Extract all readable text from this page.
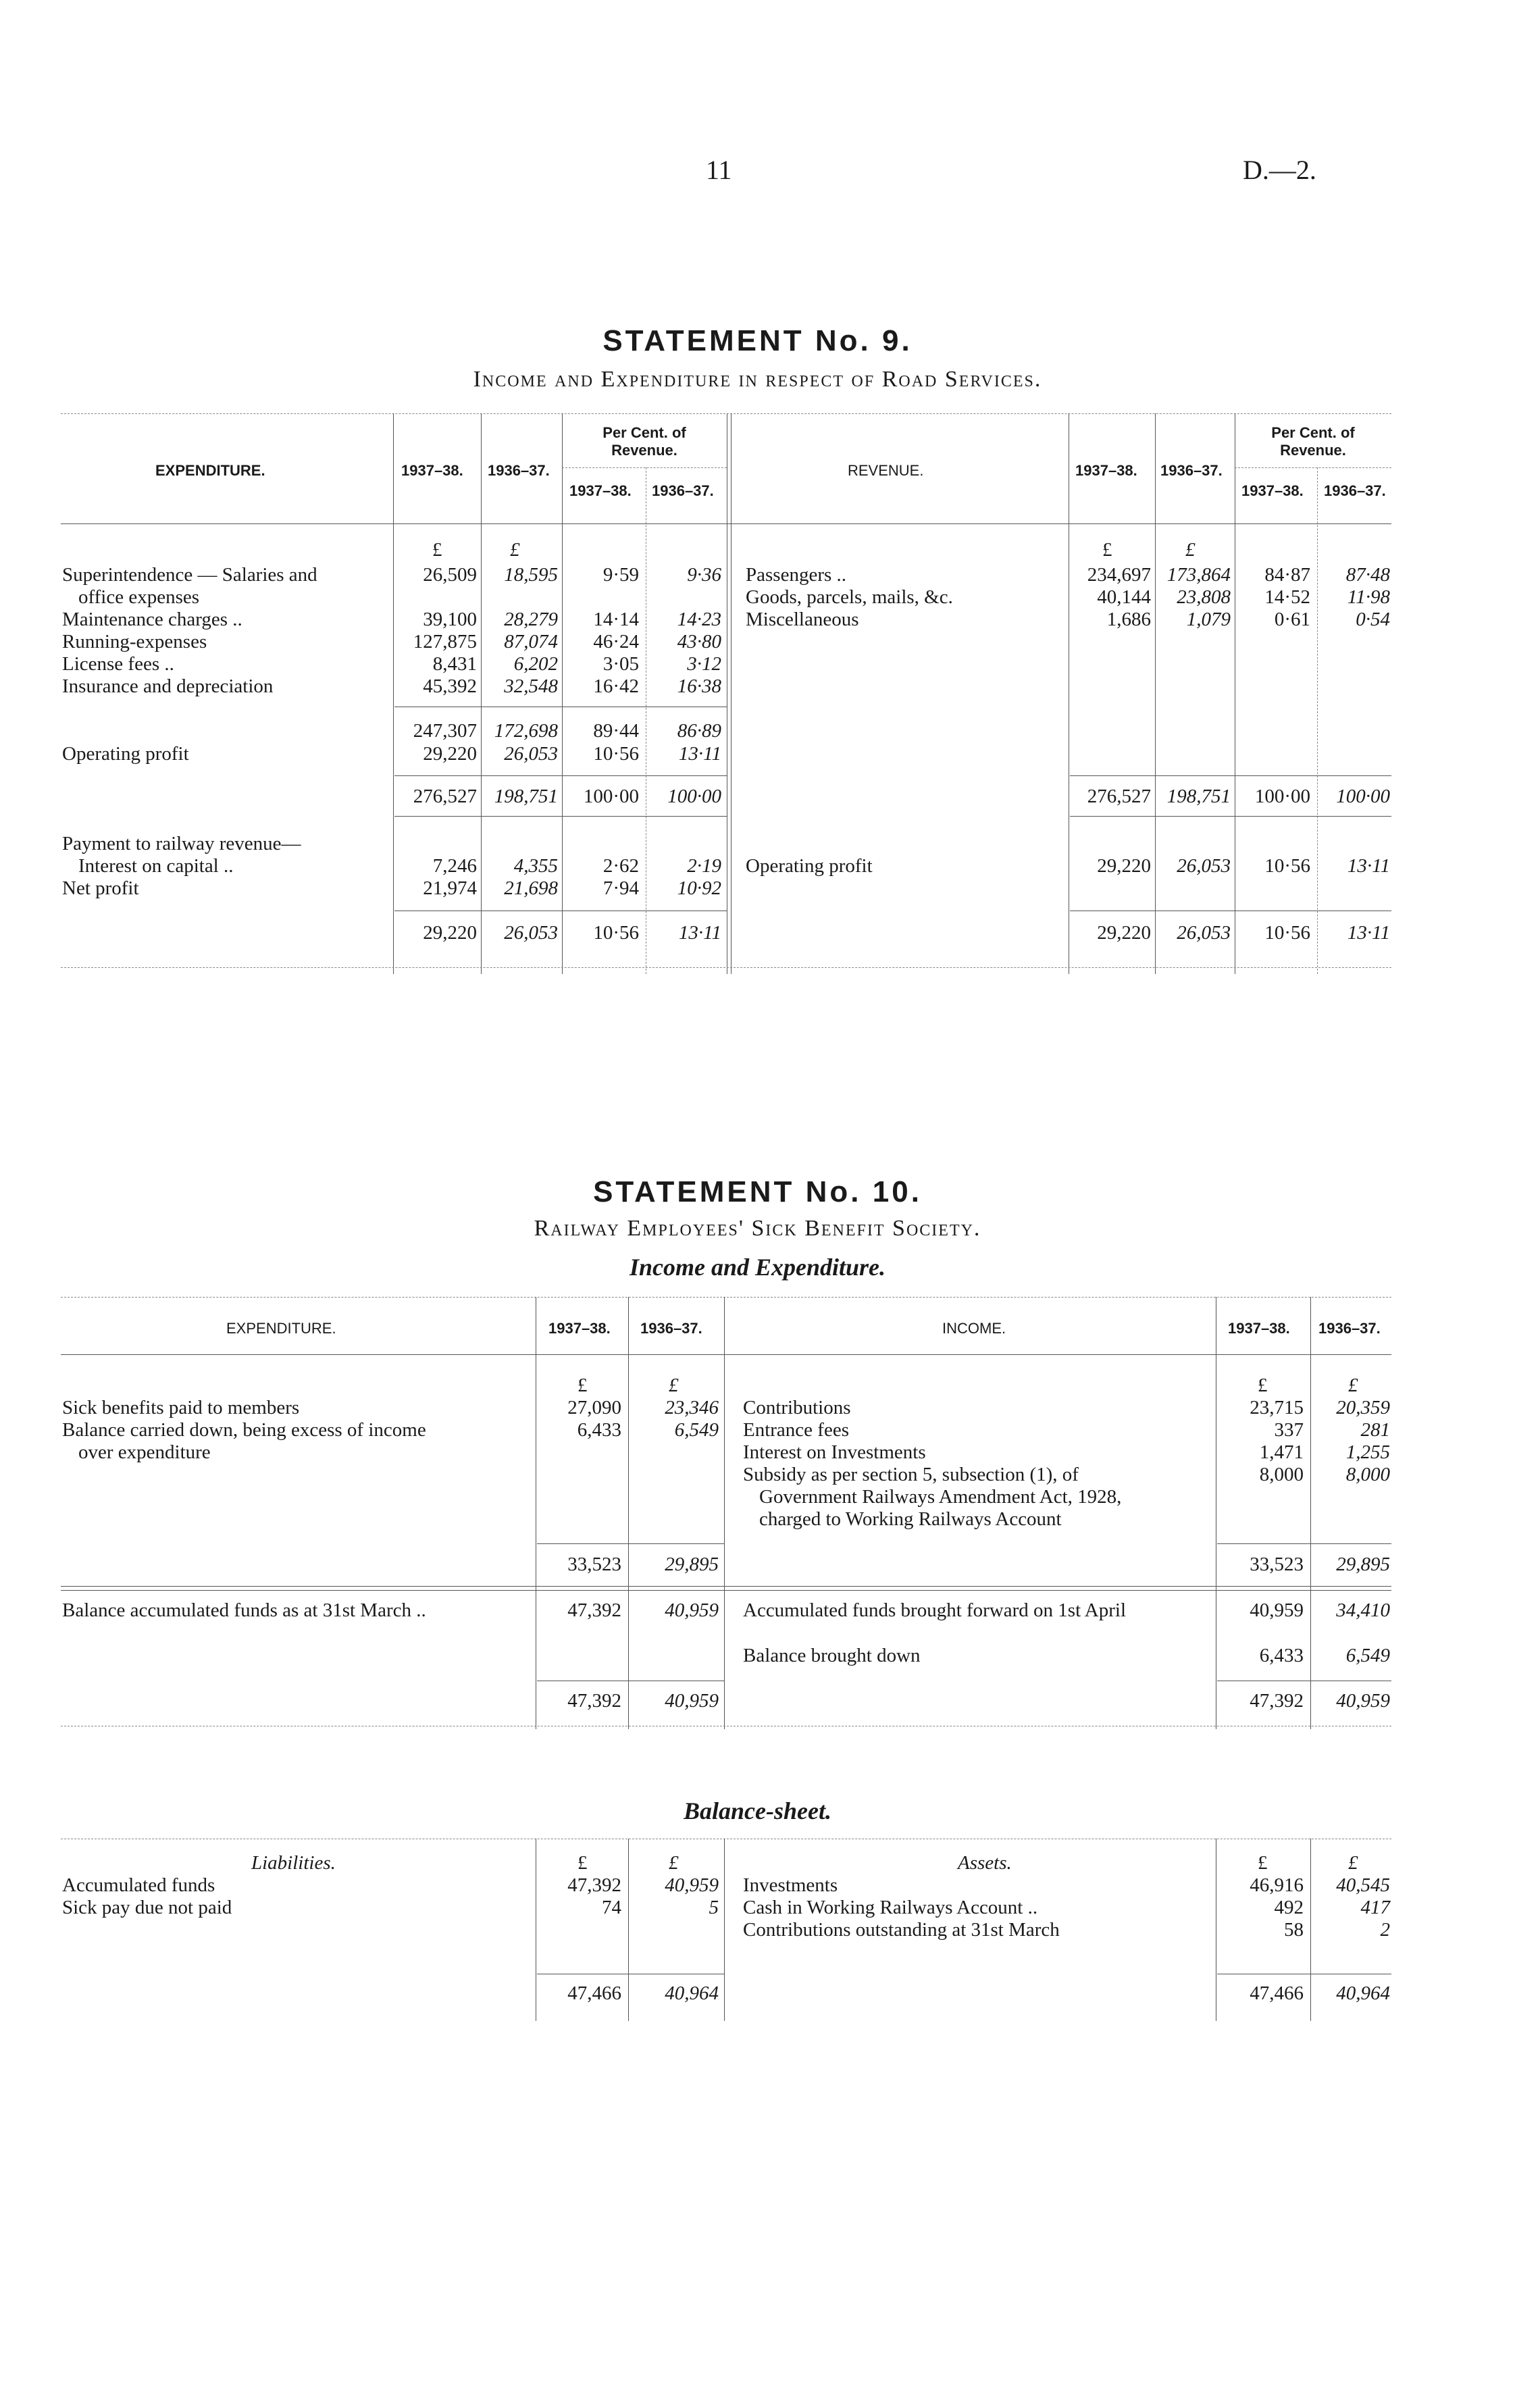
11	D.—2.
STATEMENT No. 9.
Income and Expenditure in respect of Road Services.
EXPENDITURE.	1937–38. 1936–37.
Per Cent. of Revenue.
1937–38. 1936–37.
REVENUE.	1937–38. 1936–37.
Per Cent. of Revenue.
1937–38. 1936–37.
£	£	£	£
Superintendence — Salaries and
office expenses
26,509	18,595	9·59	9·36
Maintenance charges ..	39,100	28,279	14·14	14·23
Running-expenses	127,875	87,074	46·24	43·80
License fees ..	8,431	6,202	3·05	3·12
Insurance and depreciation	45,392	32,548	16·42	16·38
247,307 172,698	89·44	86·89
Operating profit	29,220	26,053	10·56	13·11
276,527 198,751	100·00	100·00
Payment to railway revenue—
Interest on capital ..	7,246	4,355	2·62	2·19
Net profit	21,974	21,698	7·94	10·92
29,220	26,053	10·56	13·11
Passengers ..	234,697 173,864	84·87	87·48
Goods, parcels, mails, &c.	40,144	23,808	14·52	11·98
Miscellaneous	1,686	1,079	0·61	0·54
276,527 198,751	100·00	100·00
Operating profit	29,220	26,053	10·56	13·11
29,220	26,053	10·56	13·11
STATEMENT No. 10.
Railway Employees' Sick Benefit Society.
Income and Expenditure.
EXPENDITURE.	1937–38. 1936–37.	INCOME.	1937–38. 1936–37.
£	£	£	£
Sick benefits paid to members	27,090	23,346
Balance carried down, being excess of income
over expenditure
6,433	6,549
33,523	29,895
Balance accumulated funds as at 31st March ..	47,392	40,959
47,392	40,959
Contributions	23,715	20,359
Entrance fees	337	281
Interest on Investments	1,471	1,255
Subsidy as per section 5, subsection (1), of
Government Railways Amendment Act, 1928,
charged to Working Railways Account
8,000	8,000
33,523	29,895
Accumulated funds brought forward on 1st April	40,959	34,410
Balance brought down	6,433	6,549
47,392	40,959
Balance-sheet.
Liabilities.	Assets.
£	£	£	£
Accumulated funds	47,392	40,959
Sick pay due not paid	74	5
47,466	40,964
Investments	46,916	40,545
Cash in Working Railways Account ..	492	417
Contributions outstanding at 31st March	58	2
47,466	40,964
